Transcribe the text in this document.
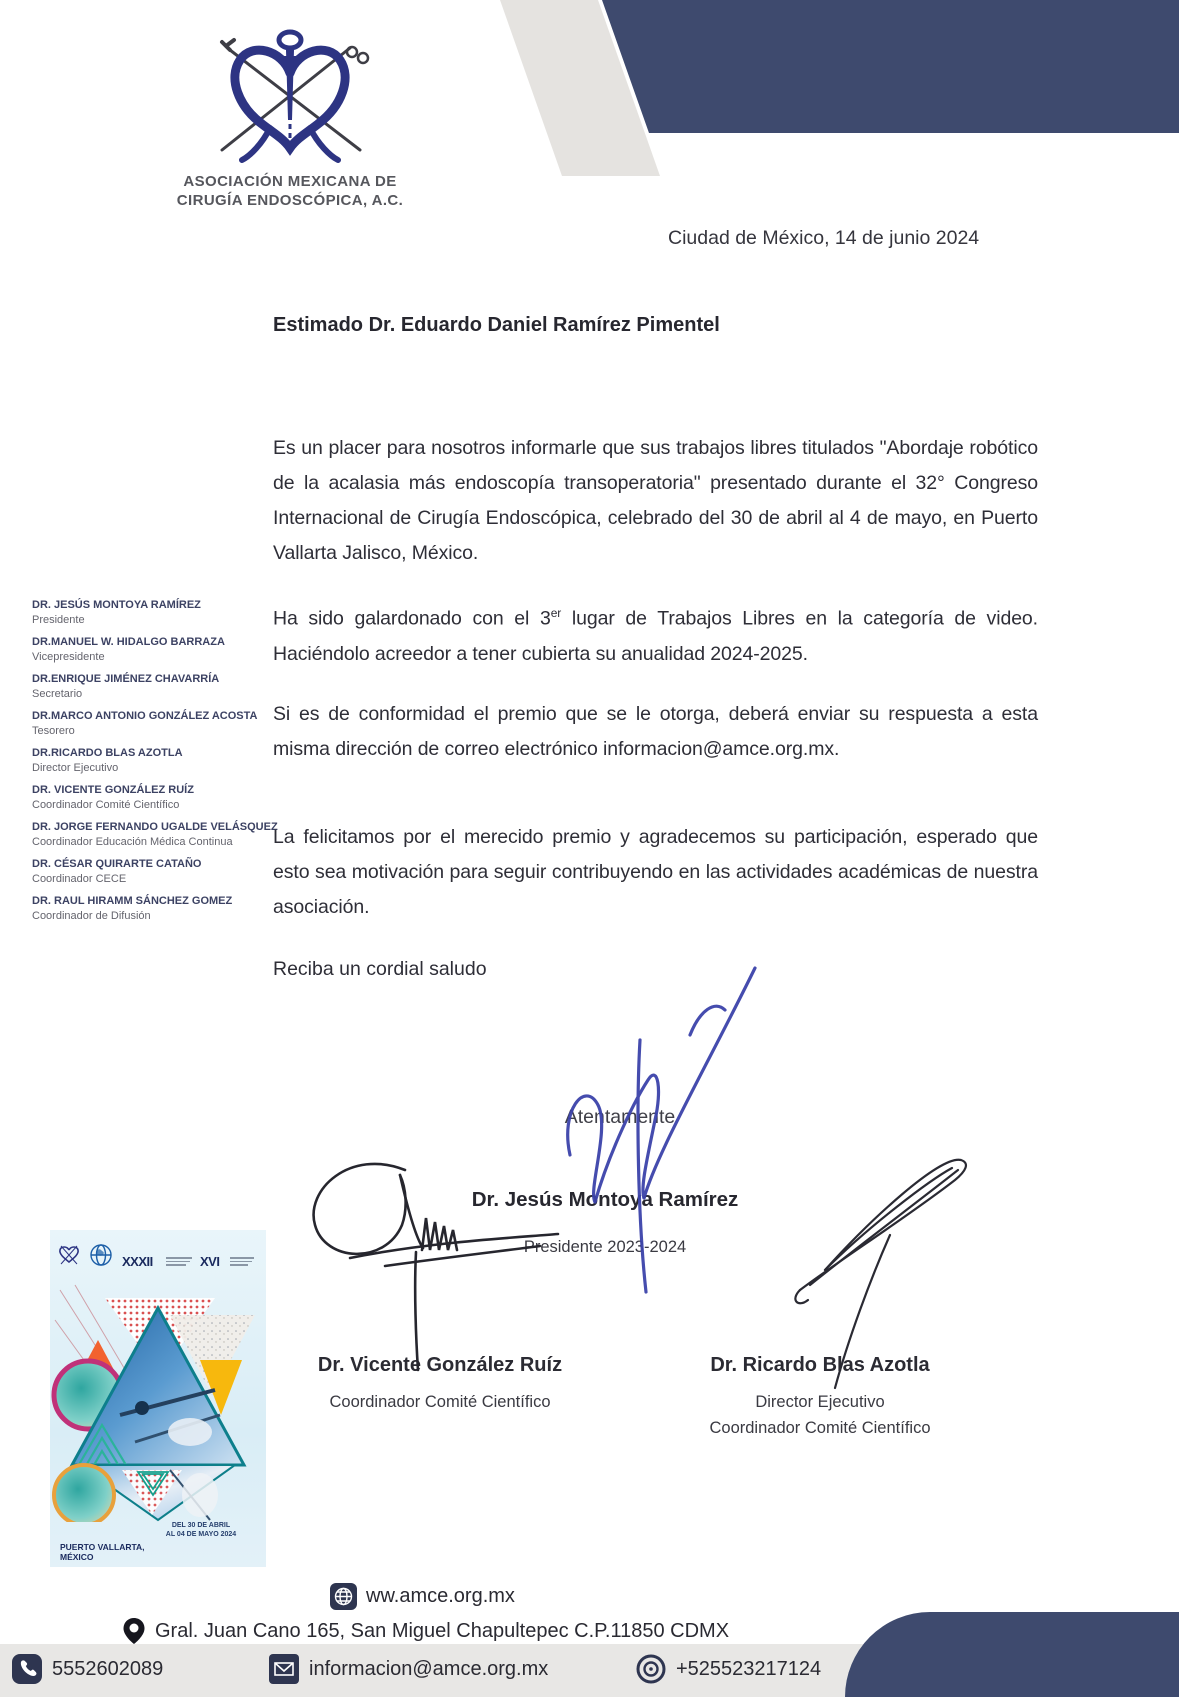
ASOCIACIÓN MEXICANA DE
CIRUGÍA ENDOSCÓPICA, A.C.
Ciudad de México, 14 de junio 2024
DR. JESÚS MONTOYA RAMÍREZ
Presidente
DR.MANUEL W. HIDALGO BARRAZA
Vicepresidente
DR.ENRIQUE JIMÉNEZ CHAVARRÍA
Secretario
DR.MARCO ANTONIO GONZÁLEZ ACOSTA
Tesorero
DR.RICARDO BLAS AZOTLA
Director Ejecutivo
DR. VICENTE GONZÁLEZ RUÍZ
Coordinador Comité Científico
DR. JORGE FERNANDO UGALDE VELÁSQUEZ
Coordinador Educación Médica Continua
DR. CÉSAR QUIRARTE CATAÑO
Coordinador CECE
DR. RAUL HIRAMM SÁNCHEZ GOMEZ
Coordinador de Difusión
Estimado Dr. Eduardo Daniel Ramírez Pimentel

Es un placer para nosotros informarle que sus trabajos libres titulados "Abordaje robótico de la acalasia más endoscopía transoperatoria" presentado durante el 32° Congreso Internacional de Cirugía Endoscópica, celebrado del 30 de abril al 4 de mayo, en Puerto Vallarta Jalisco, México.

Ha sido galardonado con el 3er lugar de Trabajos Libres en la categoría de video. Haciéndolo acreedor a tener cubierta su anualidad 2024-2025.

Si es de conformidad el premio que se le otorga, deberá enviar su respuesta a esta misma dirección de correo electrónico informacion@amce.org.mx.

La felicitamos por el merecido premio y agradecemos su participación, esperado que esto sea motivación para seguir contribuyendo en las actividades académicas de nuestra asociación.

Reciba un cordial saludo
Atentamente
Dr. Jesús Montoya Ramírez
Presidente 2023-2024
Dr. Vicente González Ruíz
Coordinador Comité Científico
Dr. Ricardo Blas Azotla
Director Ejecutivo
Coordinador Comité Científico
XXXII	XVI
DEL 30 DE ABRIL
AL 04 DE MAYO 2024
PUERTO VALLARTA,
MÉXICO
ww.amce.org.mx
Gral. Juan Cano 165, San Miguel Chapultepec C.P.11850 CDMX
5552602089	informacion@amce.org.mx	+525523217124
